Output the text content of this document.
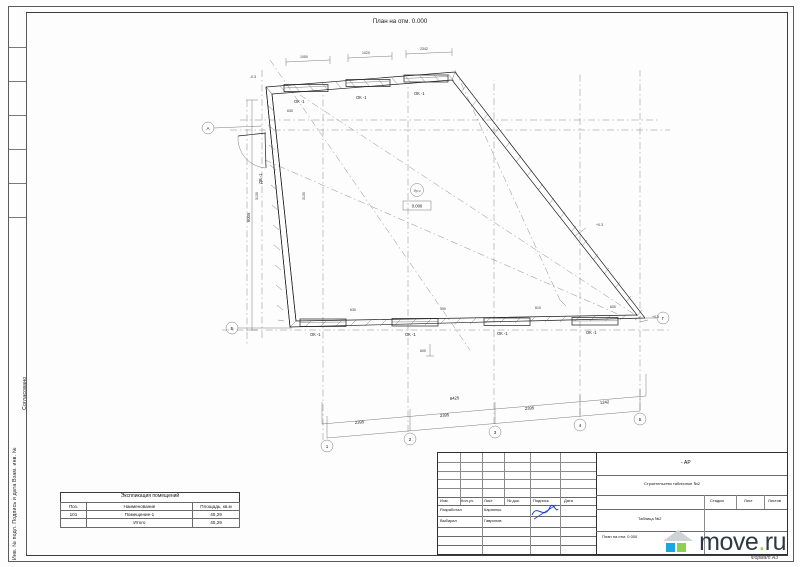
Согласовано
Инв. № подл. Подпись и дата Взам. инв. №
План на отм. 0.000
Ур.ч
0.000
2395
2395
2395
1242
8425
1
2
3
4
5
А
Б
Г
6005
1050
1020
2342
630	490	810	600
600
630
3130	3130
ОК -1
ОК -1
ОК -1
ОК -1	ОК -1	ОК -1	ОК -1
ДВ -1
+0.3
+0.3
-0.3
Экспликация помещений		
Поз.	Наименование	Площадь, кв.м
101	Помещение-1	40,29
	Итого	40,29
Изм.	Кол.уч. Лист	№ док.	Подпись	Дата
Разработал	Карпенко
Выбирал	Гаврилов
- АР
Строительство табличное №2
Стадия	Лист	Листов
Таблица №2
План на отм. 0.000 move.ru
Формат А3
